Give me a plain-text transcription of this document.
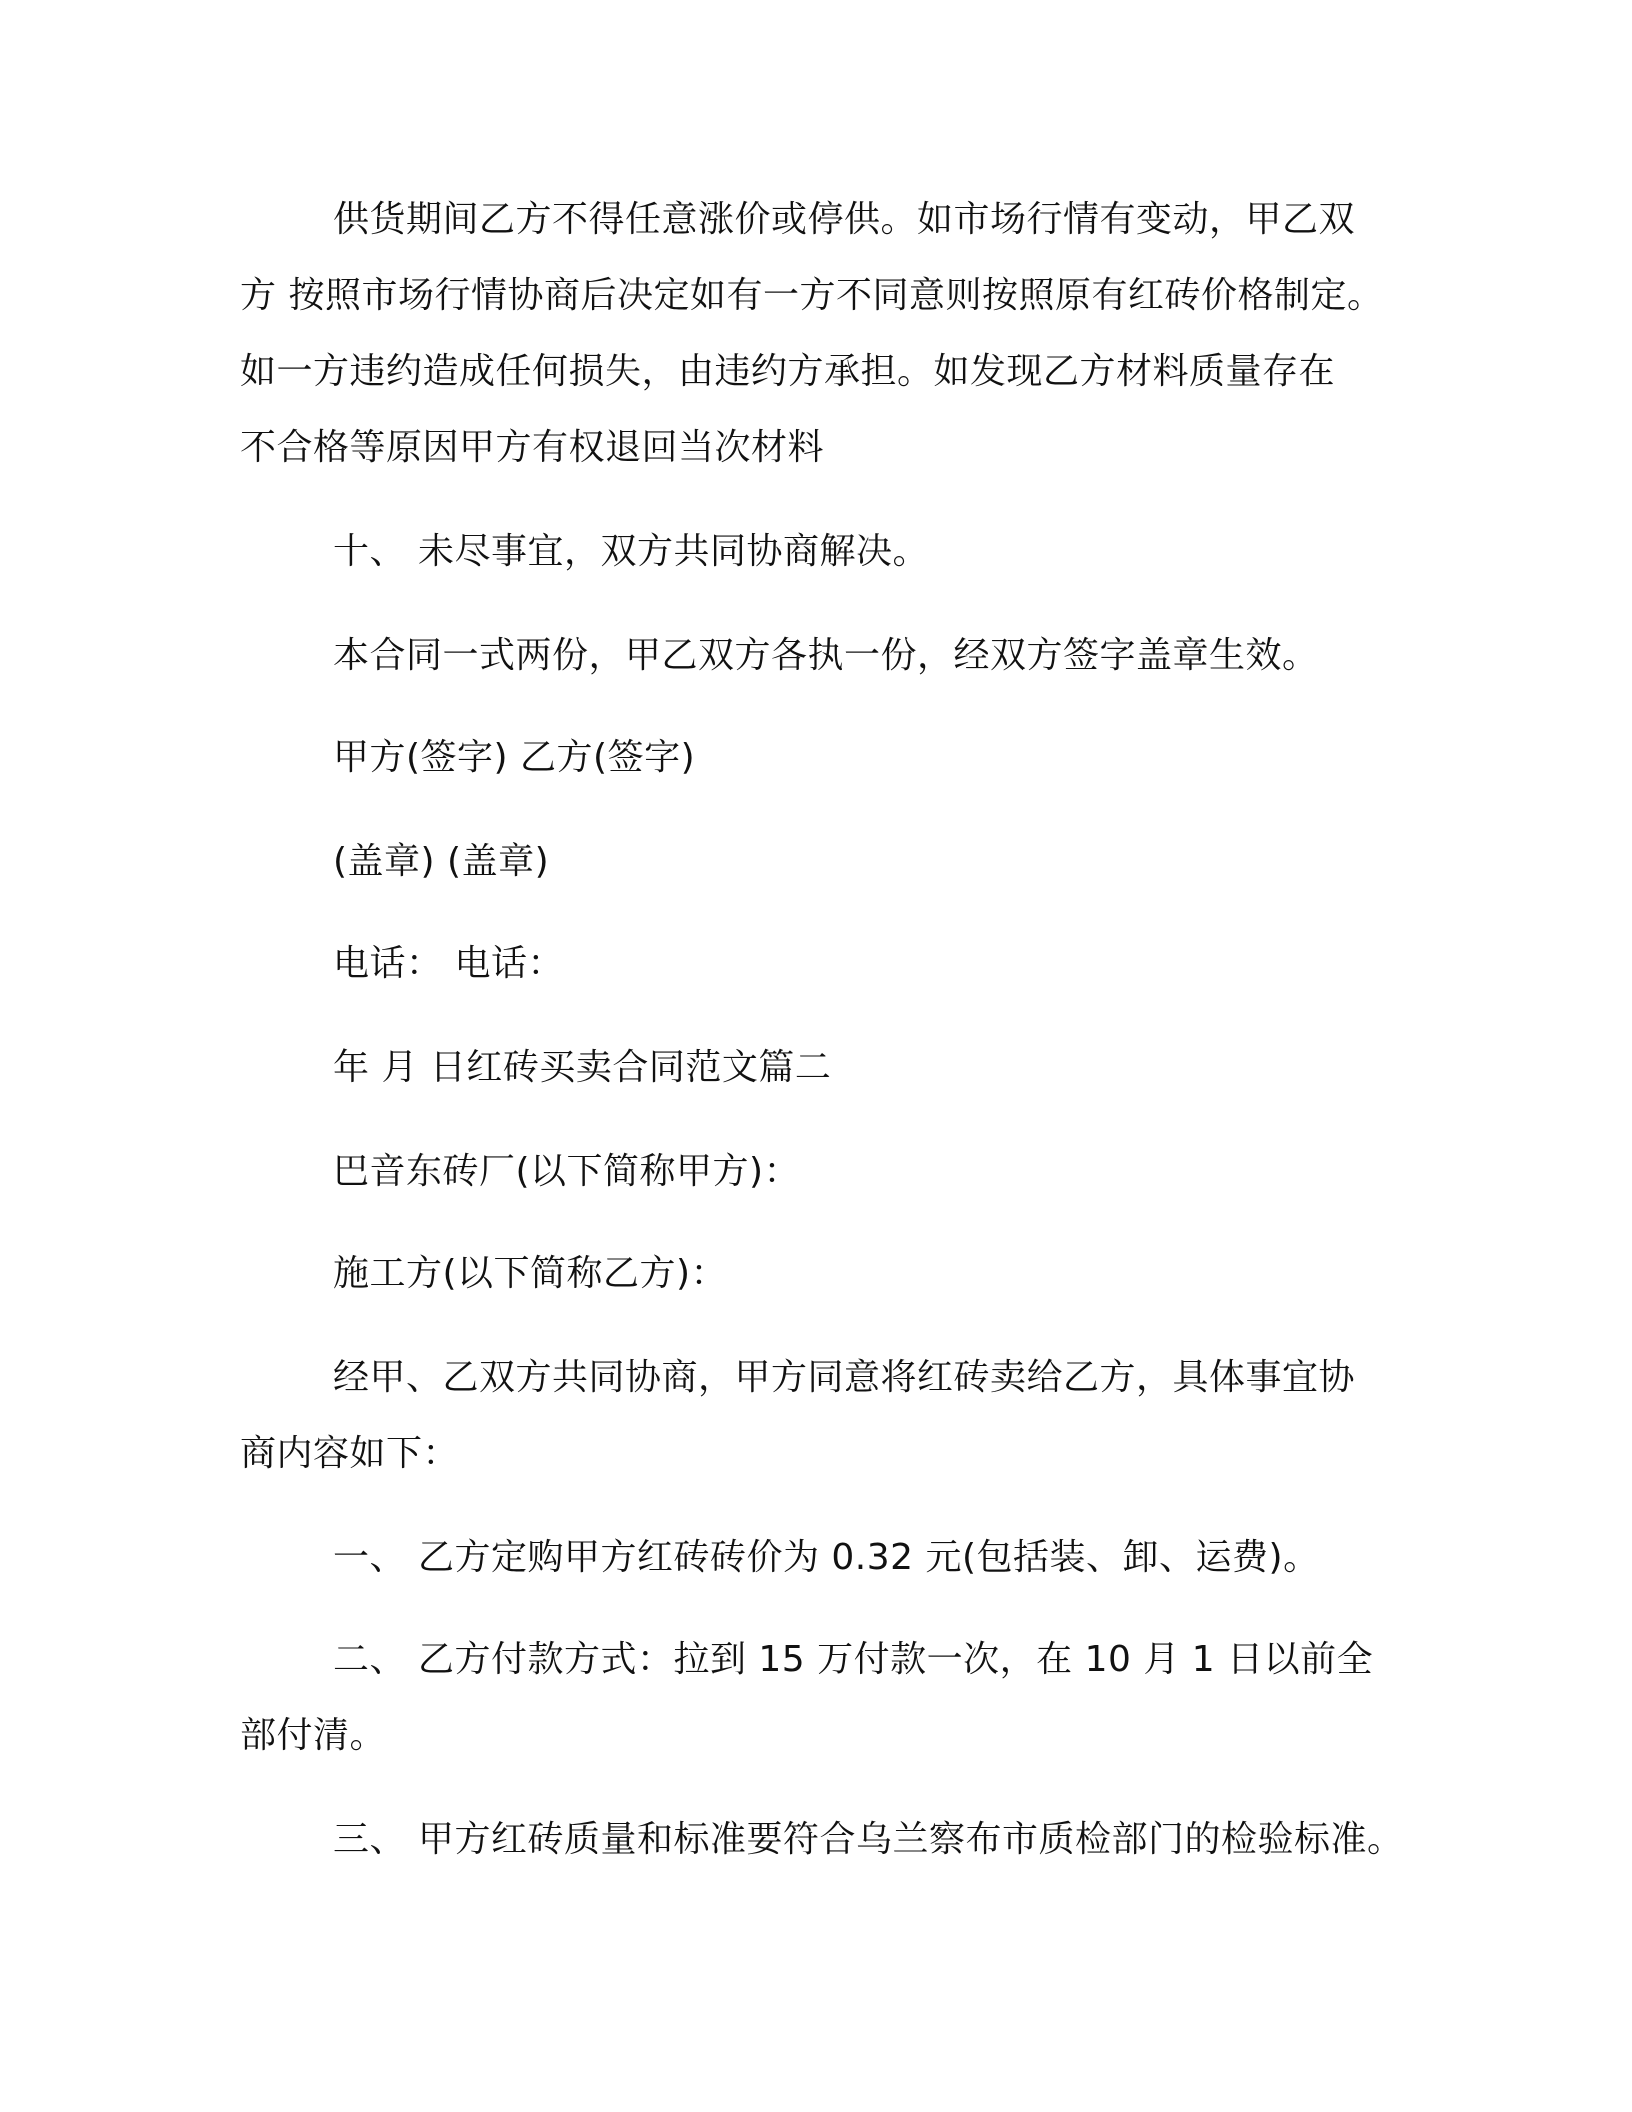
供货期间乙方不得任意涨价或停供。如市场行情有变动，甲乙双

方 按照市场行情协商后决定如有一方不同意则按照原有红砖价格制定。

如一方违约造成任何损失，由违约方承担。如发现乙方材料质量存在

不合格等原因甲方有权退回当次材料

十、 未尽事宜，双方共同协商解决。

本合同一式两份，甲乙双方各执一份，经双方签字盖章生效。

甲方(签字) 乙方(签字)

(盖章) (盖章)

电话： 电话：

年 月 日红砖买卖合同范文篇二

巴音东砖厂(以下简称甲方)：

施工方(以下简称乙方)：

经甲、乙双方共同协商，甲方同意将红砖卖给乙方，具体事宜协

商内容如下：

一、 乙方定购甲方红砖砖价为 0.32 元(包括装、卸、运费)。

二、 乙方付款方式：拉到 15 万付款一次，在 10 月 1 日以前全

部付清。

三、 甲方红砖质量和标准要符合乌兰察布市质检部门的检验标准。
